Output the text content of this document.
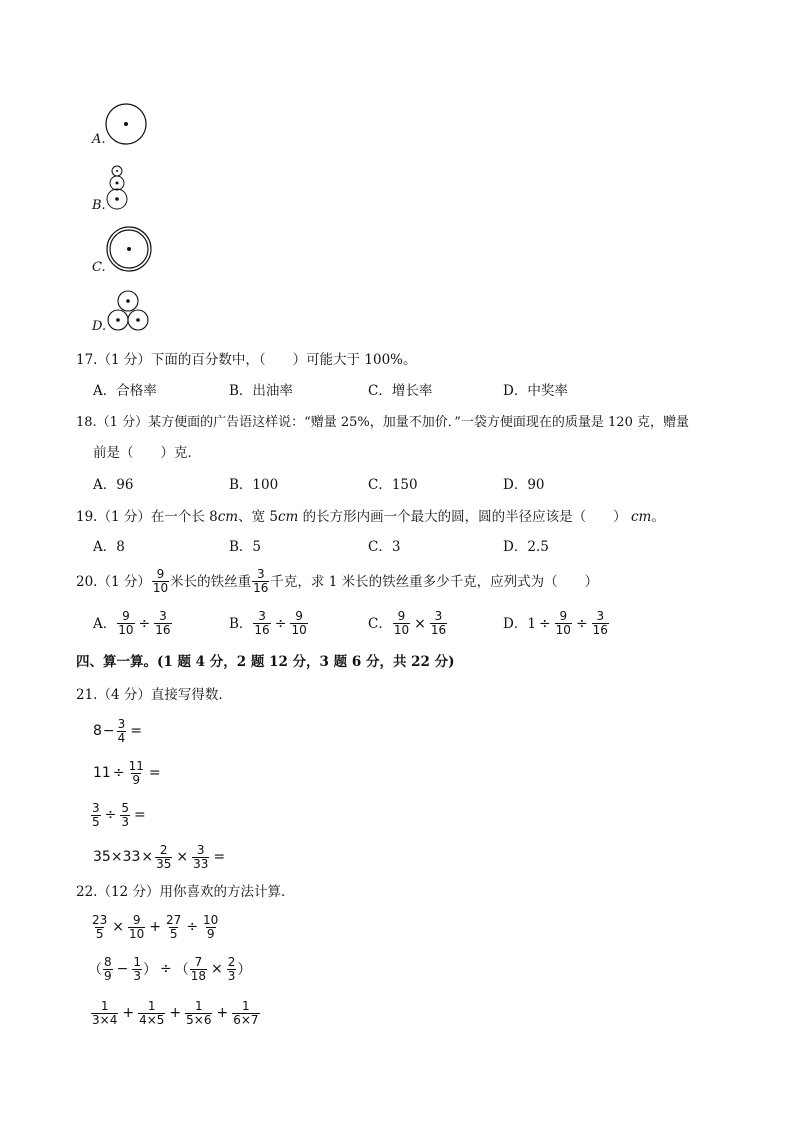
A.
B.
C.
D.
17.（1 分）下面的百分数中，（　　）可能大于 100%。
A．合格率	B．出油率	C．增长率	D．中奖率
18.（1 分）某方便面的广告语这样说：“赠量 25%，加量不加价．”一袋方便面现在的质量是 120 克，赠量
前是（　　）克．
A．96	B．100	C．150	D．90
19.（1 分）在一个长 8cm、宽 5cm 的长方形内画一个最大的圆，圆的半径应该是（　　） cm。
A．8	B．5	C．3	D．2.5
20.（1 分） $\frac{9}{10}$ 米长的铁丝重 $\frac{3}{16}$ 千克，求 1 米长的铁丝重多少千克，应列式为（　　）
A． $\frac{9}{10} \div \frac{3}{16}$	B． $\frac{3}{16} \div \frac{9}{10}$	C． $\frac{9}{10} \times \frac{3}{16}$	D． $1 \div \frac{9}{10} \div \frac{3}{16}$
四、算一算。(1 题 4 分，2 题 12 分，3 题 6 分，共 22 分)
21.（4 分）直接写得数．
$8 - \frac{3}{4}$ =
$11 \div \frac{11}{9}$ =
$\frac{3}{5} \div \frac{5}{3}$ =
$35\times 33 \times \frac{2}{35} \times \frac{3}{33}$ =
22.（12 分）用你喜欢的方法计算．
$\frac{23}{5} \times \frac{9}{10} + \frac{27}{5} \div \frac{10}{9}$
（ $\frac{8}{9} - \frac{1}{3}$ ） ÷ （ $\frac{7}{18} \times \frac{2}{3}$ ）
$\frac{1}{3\times 4} + \frac{1}{4\times 5} + \frac{1}{5\times 6} + \frac{1}{6\times 7}$
